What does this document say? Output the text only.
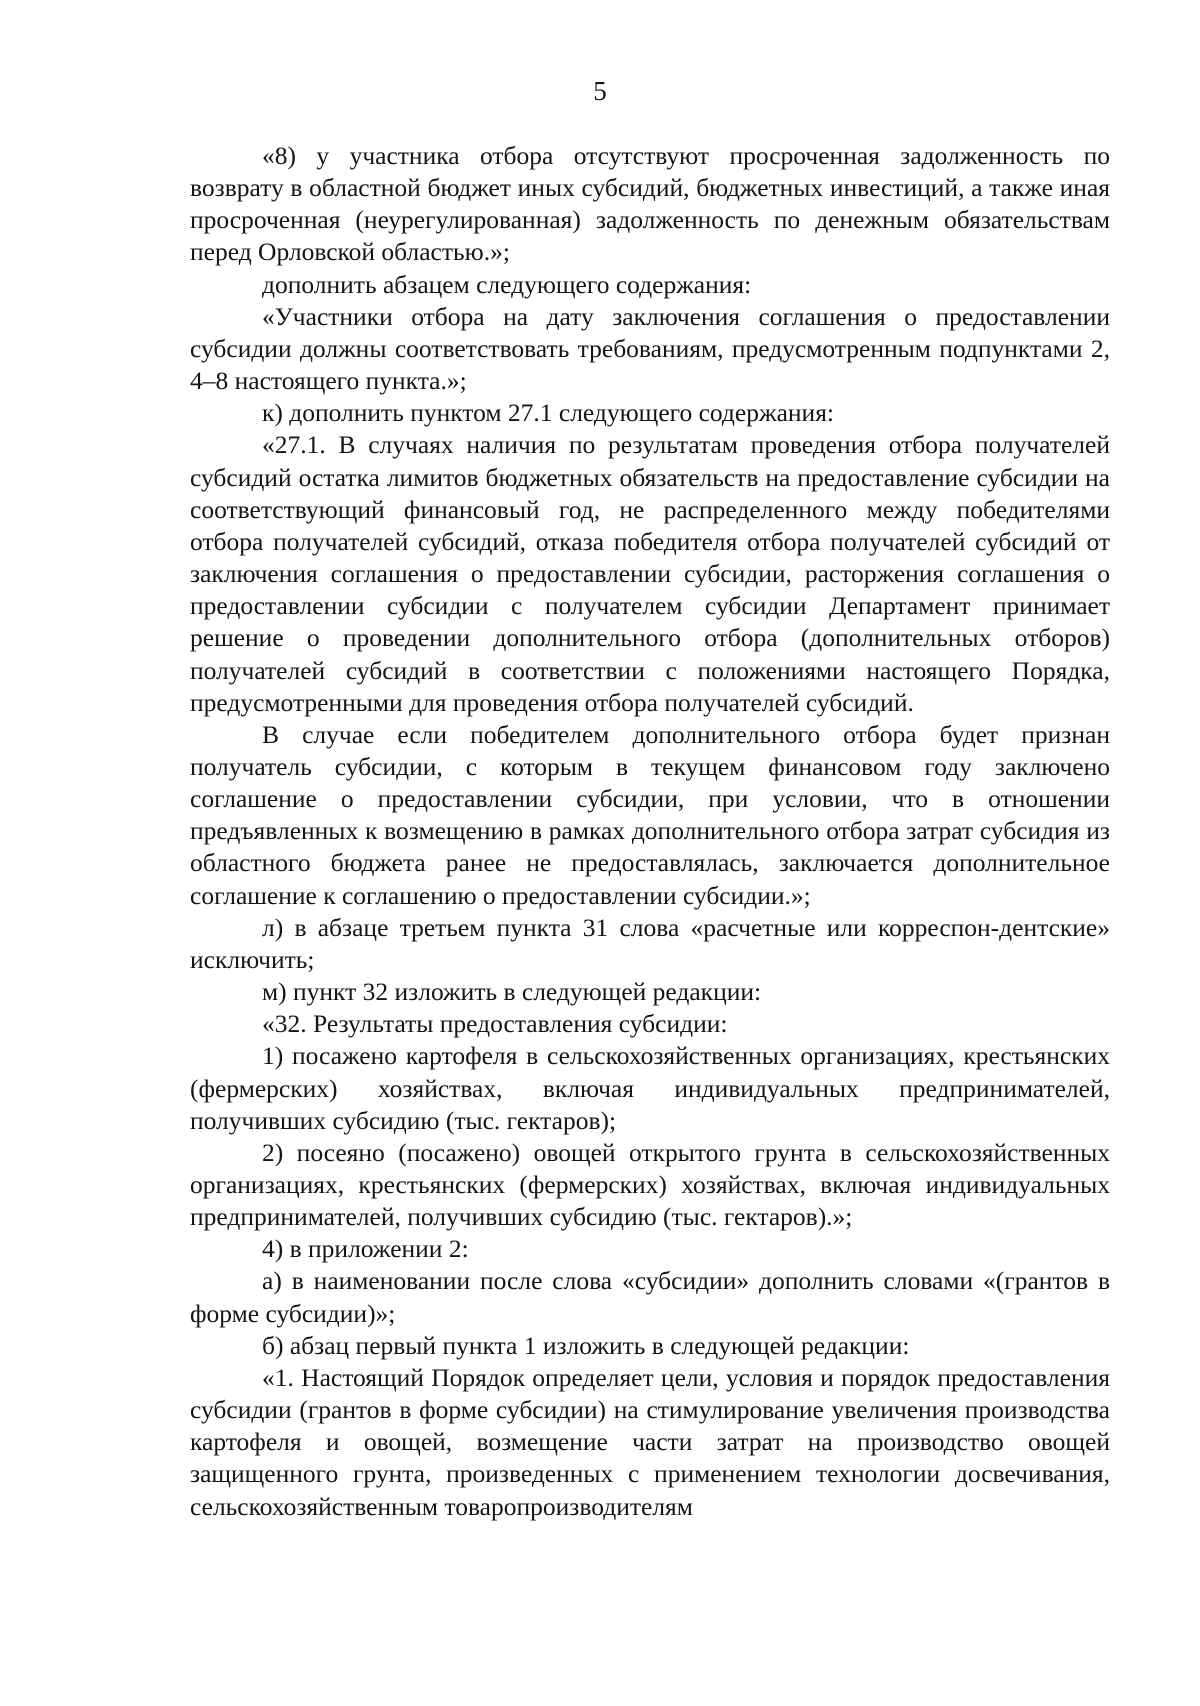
5

«8) у участника отбора отсутствуют просроченная задолженность по возврату в областной бюджет иных субсидий, бюджетных инвестиций, а также иная просроченная (неурегулированная) задолженность по денежным обязательствам перед Орловской областью.»;

дополнить абзацем следующего содержания:

«Участники отбора на дату заключения соглашения о предоставлении субсидии должны соответствовать требованиям, предусмотренным подпунктами 2, 4–8 настоящего пункта.»;

к) дополнить пунктом 27.1 следующего содержания:

«27.1. В случаях наличия по результатам проведения отбора получателей субсидий остатка лимитов бюджетных обязательств на предоставление субсидии на соответствующий финансовый год, не распределенного между победителями отбора получателей субсидий, отказа победителя отбора получателей субсидий от заключения соглашения о предоставлении субсидии, расторжения соглашения о предоставлении субсидии с получателем субсидии Департамент принимает решение о проведении дополнительного отбора (дополнительных отборов) получателей субсидий в соответствии с положениями настоящего Порядка, предусмотренными для проведения отбора получателей субсидий.

В случае если победителем дополнительного отбора будет признан получатель субсидии, с которым в текущем финансовом году заключено соглашение о предоставлении субсидии, при условии, что в отношении предъявленных к возмещению в рамках дополнительного отбора затрат субсидия из областного бюджета ранее не предоставлялась, заключается дополнительное соглашение к соглашению о предоставлении субсидии.»;

л) в абзаце третьем пункта 31 слова «расчетные или корреспон-дентские» исключить;

м) пункт 32 изложить в следующей редакции:

«32. Результаты предоставления субсидии:

1) посажено картофеля в сельскохозяйственных организациях, крестьянских (фермерских) хозяйствах, включая индивидуальных предпринимателей, получивших субсидию (тыс. гектаров);

2) посеяно (посажено) овощей открытого грунта в сельскохозяйственных организациях, крестьянских (фермерских) хозяйствах, включая индивидуальных предпринимателей, получивших субсидию (тыс. гектаров).»;

4) в приложении 2:

а) в наименовании после слова «субсидии» дополнить словами «(грантов в форме субсидии)»;

б) абзац первый пункта 1 изложить в следующей редакции:

«1. Настоящий Порядок определяет цели, условия и порядок предоставления субсидии (грантов в форме субсидии) на стимулирование увеличения производства картофеля и овощей, возмещение части затрат на производство овощей защищенного грунта, произведенных с применением технологии досвечивания, сельскохозяйственным товаропроизводителям
